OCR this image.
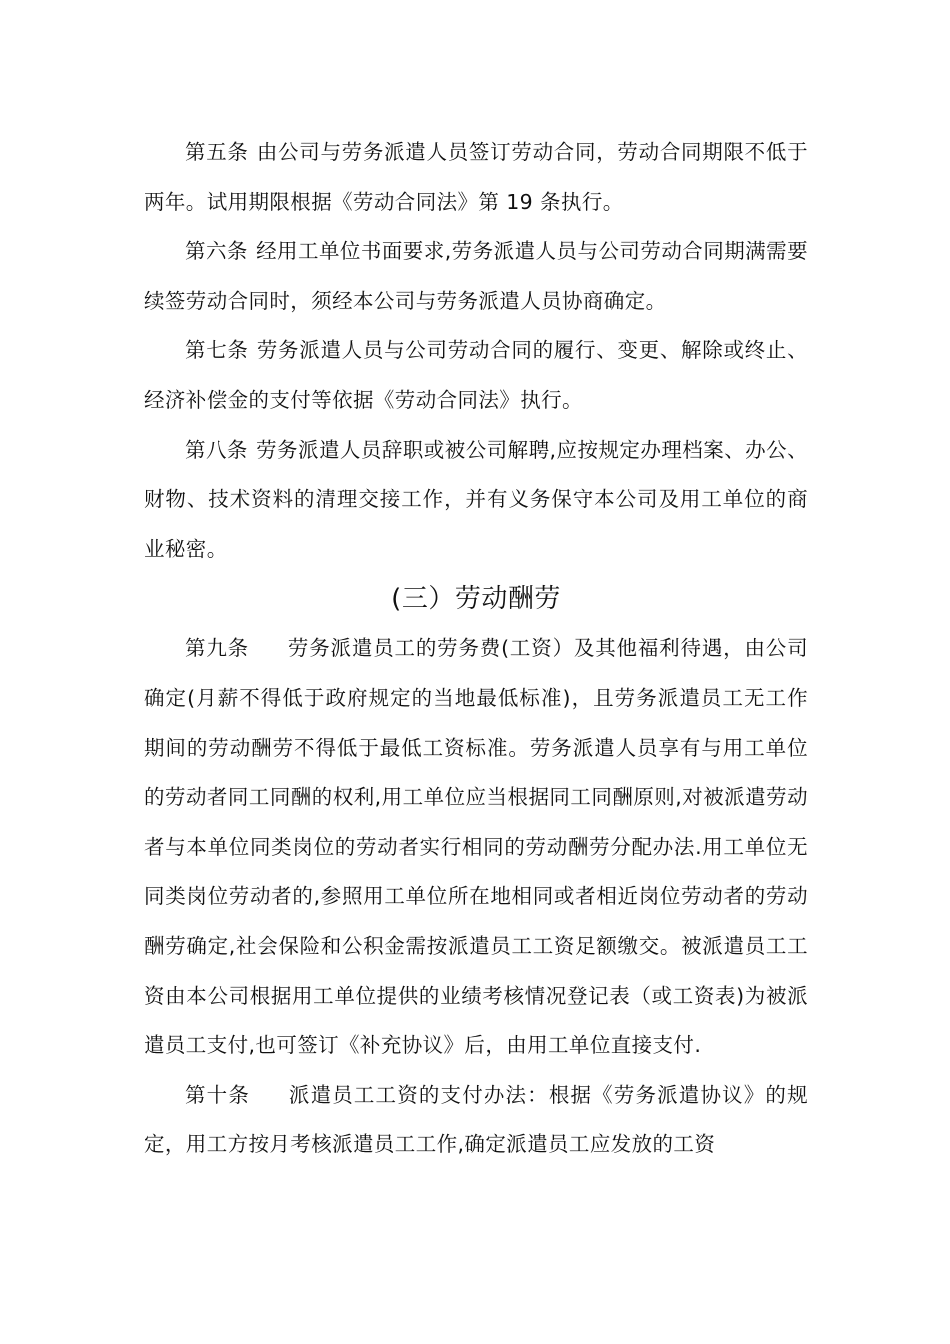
第五条 由公司与劳务派遣人员签订劳动合同，劳动合同期限不低于两年。试用期限根据《劳动合同法》第 19 条执行。

第六条 经用工单位书面要求,劳务派遣人员与公司劳动合同期满需要续签劳动合同时，须经本公司与劳务派遣人员协商确定。

第七条 劳务派遣人员与公司劳动合同的履行、变更、解除或终止、经济补偿金的支付等依据《劳动合同法》执行。

第八条 劳务派遣人员辞职或被公司解聘,应按规定办理档案、办公、财物、技术资料的清理交接工作，并有义务保守本公司及用工单位的商业秘密。

(三）劳动酬劳

第九条 劳务派遣员工的劳务费(工资）及其他福利待遇，由公司确定(月薪不得低于政府规定的当地最低标准)，且劳务派遣员工无工作期间的劳动酬劳不得低于最低工资标准。劳务派遣人员享有与用工单位的劳动者同工同酬的权利,用工单位应当根据同工同酬原则,对被派遣劳动者与本单位同类岗位的劳动者实行相同的劳动酬劳分配办法.用工单位无同类岗位劳动者的,参照用工单位所在地相同或者相近岗位劳动者的劳动酬劳确定,社会保险和公积金需按派遣员工工资足额缴交。被派遣员工工资由本公司根据用工单位提供的业绩考核情况登记表（或工资表)为被派遣员工支付,也可签订《补充协议》后，由用工单位直接支付.

第十条 派遣员工工资的支付办法：根据《劳务派遣协议》的规定，用工方按月考核派遣员工工作,确定派遣员工应发放的工资
